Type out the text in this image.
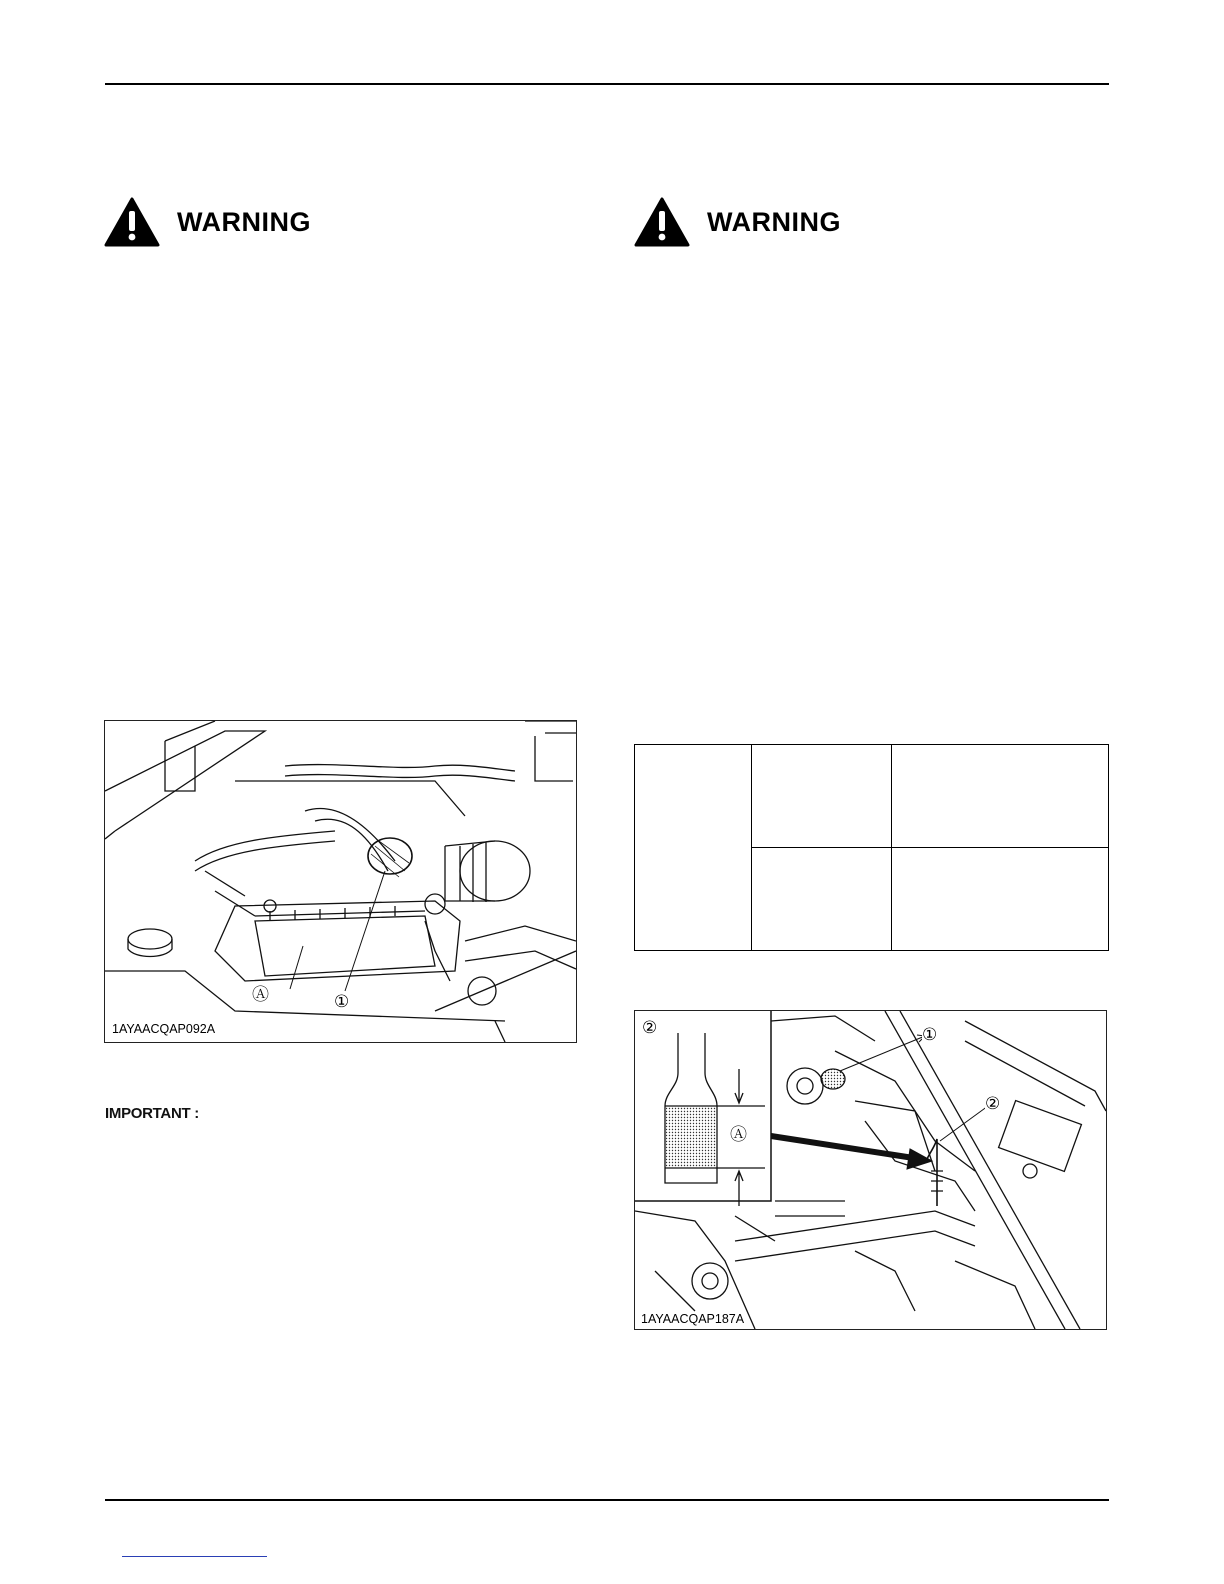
WARNING	WARNING
Ⓐ	①
1AYAACQAP092A
IMPORTANT :

②
Ⓐ
①
②
1AYAACQAP187A
